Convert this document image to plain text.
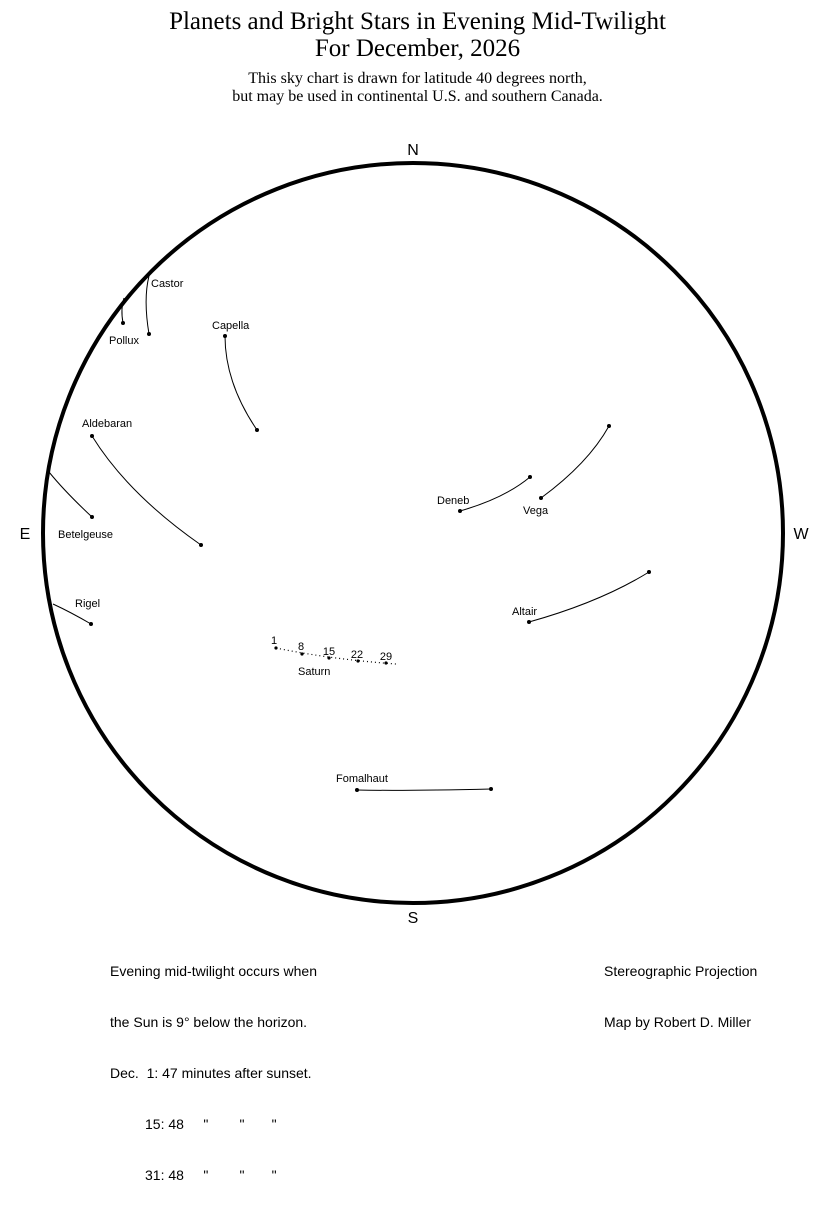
Planets and Bright Stars in Evening Mid-Twilight
For December, 2026
This sky chart is drawn for latitude 40 degrees north,
but may be used in continental U.S. and southern Canada.
N
S
E	W
Castor
Pollux
Capella
Aldebaran
Betelgeuse
Rigel
Deneb
Vega
Altair
Fomalhaut
1 8 15 22 29
Saturn

Evening mid-twilight occurs when

the Sun is 9° below the horizon.

Dec.  1: 47 minutes after sunset.

15: 48     "        "       "

31: 48     "        "       "

Stereographic Projection

Map by Robert D. Miller
